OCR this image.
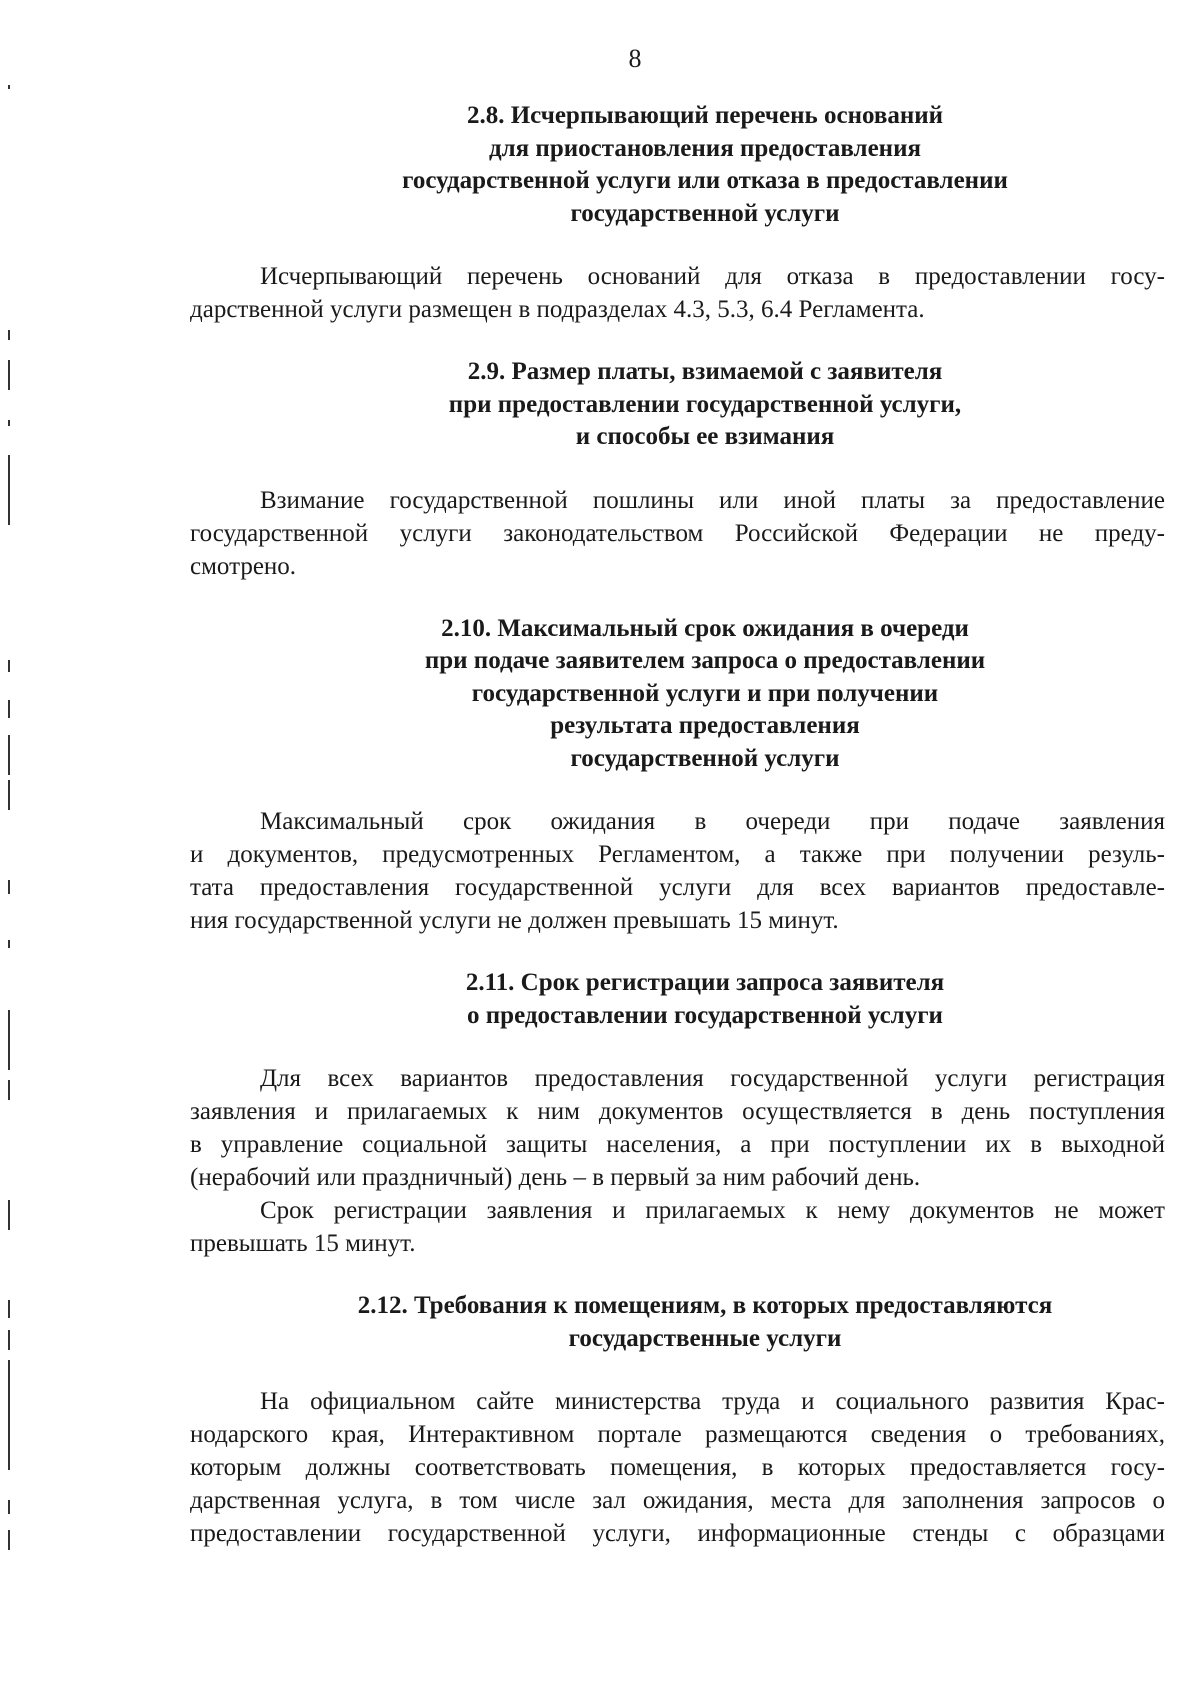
8
2.8. Исчерпывающий перечень оснований
для приостановления предоставления
государственной услуги или отказа в предоставлении
государственной услуги
Исчерпывающий перечень оснований для отказа в предоставлении госу-
дарственной услуги размещен в подразделах 4.3, 5.3, 6.4 Регламента.
2.9. Размер платы, взимаемой с заявителя
при предоставлении государственной услуги,
и способы ее взимания
Взимание государственной пошлины или иной платы за предоставление
государственной услуги законодательством Российской Федерации не преду-
смотрено.
2.10. Максимальный срок ожидания в очереди
при подаче заявителем запроса о предоставлении
государственной услуги и при получении
результата предоставления
государственной услуги
Максимальный срок ожидания в очереди при подаче заявления
и документов, предусмотренных Регламентом, а также при получении резуль-
тата предоставления государственной услуги для всех вариантов предоставле-
ния государственной услуги не должен превышать 15 минут.
2.11. Срок регистрации запроса заявителя
о предоставлении государственной услуги
Для всех вариантов предоставления государственной услуги регистрация
заявления и прилагаемых к ним документов осуществляется в день поступления
в управление социальной защиты населения, а при поступлении их в выходной
(нерабочий или праздничный) день – в первый за ним рабочий день.
Срок регистрации заявления и прилагаемых к нему документов не может
превышать 15 минут.
2.12. Требования к помещениям, в которых предоставляются
государственные услуги
На официальном сайте министерства труда и социального развития Крас-
нодарского края, Интерактивном портале размещаются сведения о требованиях,
которым должны соответствовать помещения, в которых предоставляется госу-
дарственная услуга, в том числе зал ожидания, места для заполнения запросов о
предоставлении государственной услуги, информационные стенды с образцами
